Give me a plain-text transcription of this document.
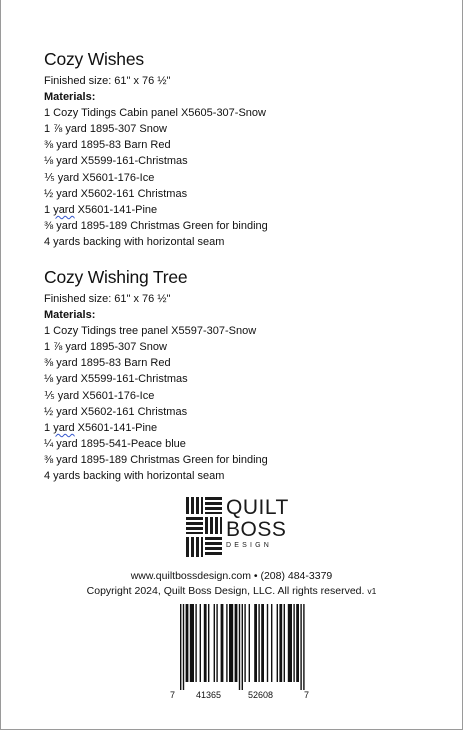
Cozy Wishes
Finished size: 61" x 76 ½"
Materials:
1 Cozy Tidings Cabin panel X5605-307-Snow
1 ⅞ yard 1895-307 Snow
⅜ yard 1895-83 Barn Red
⅛ yard X5599-161-Christmas
⅕ yard X5601-176-Ice
½ yard X5602-161 Christmas
1 yard X5601-141-Pine
⅜ yard 1895-189 Christmas Green for binding
4 yards backing with horizontal seam
Cozy Wishing Tree
Finished size: 61" x 76 ½"
Materials:
1 Cozy Tidings tree panel X5597-307-Snow
1 ⅞ yard 1895-307 Snow
⅜ yard 1895-83 Barn Red
⅛ yard X5599-161-Christmas
⅕ yard X5601-176-Ice
½ yard X5602-161 Christmas
1 yard X5601-141-Pine
¼ yard 1895-541-Peace blue
⅜ yard 1895-189 Christmas Green for binding
4 yards backing with horizontal seam
QUILT
BOSS
DESIGN
www.quiltbossdesign.com • (208) 484-3379
Copyright 2024, Quilt Boss Design, LLC. All rights reserved. v1
7 41365	52608	7
